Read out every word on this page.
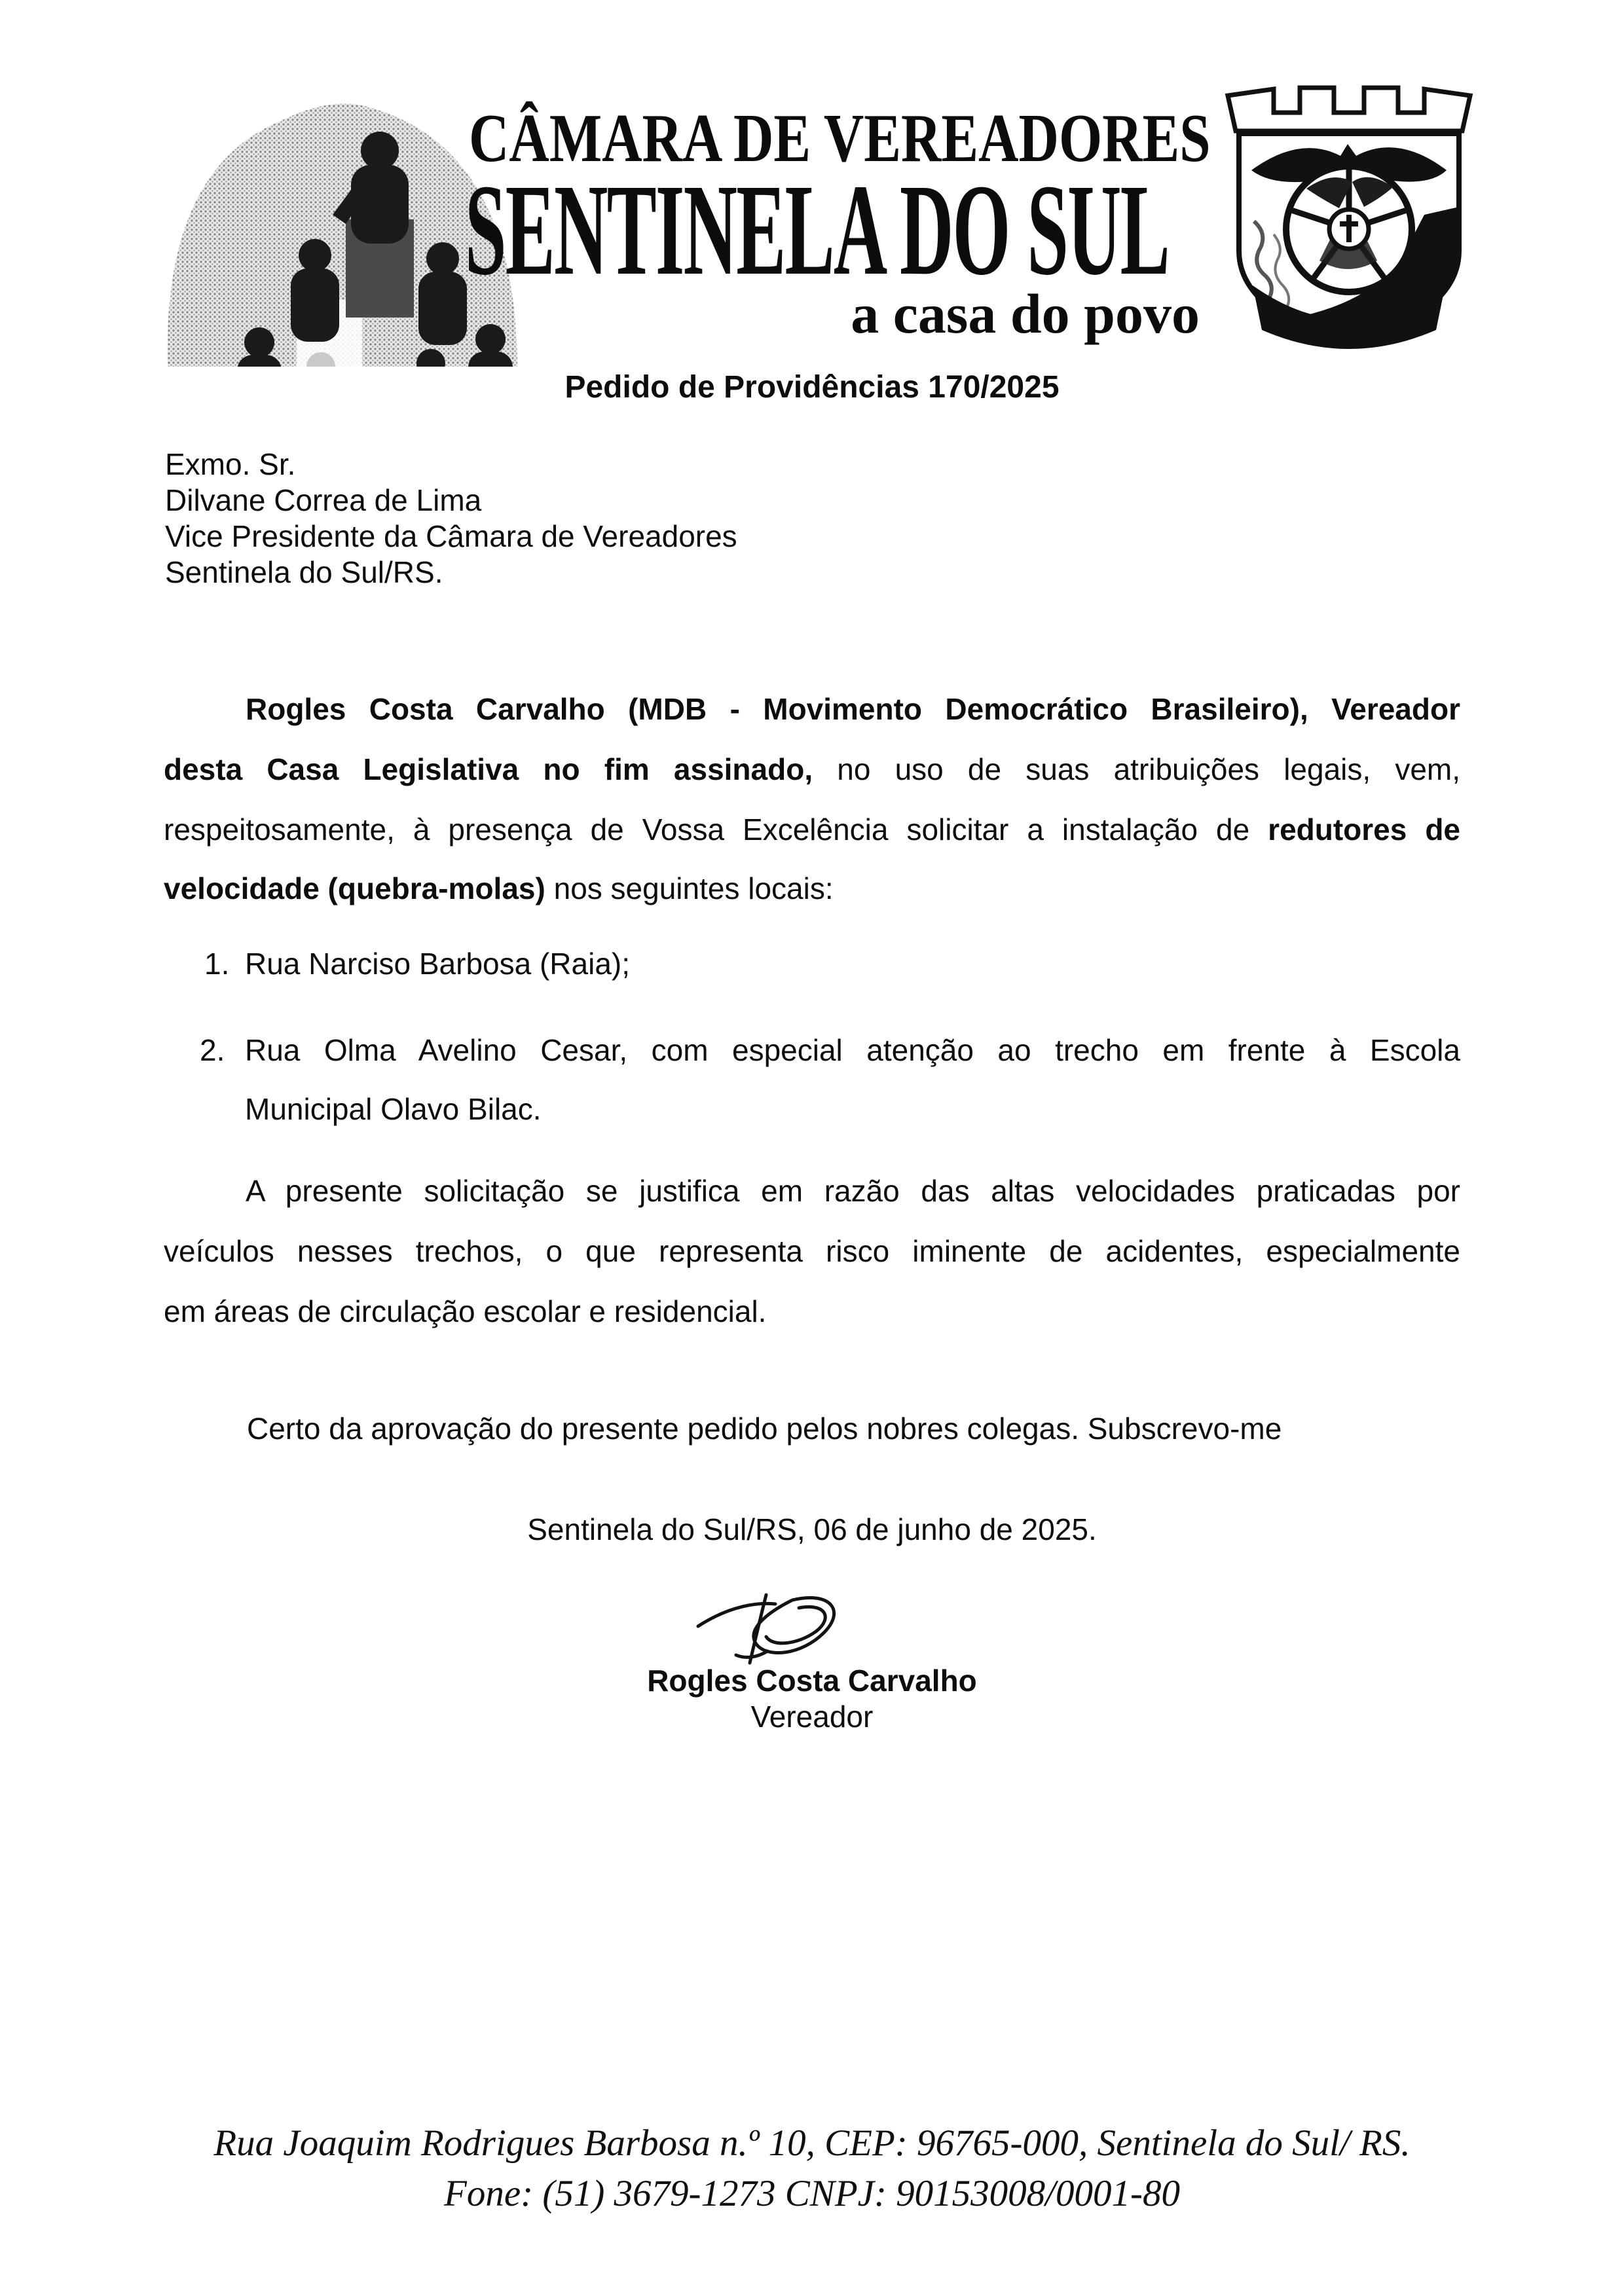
CÂMARA DE VEREADORES
SENTINELA DO SUL
a casa do povo
Pedido de Providências 170/2025
Exmo. Sr.
Dilvane Correa de Lima
Vice Presidente da Câmara de Vereadores
Sentinela do Sul/RS.
Rogles Costa Carvalho (MDB - Movimento Democrático Brasileiro), Vereador
desta Casa Legislativa no fim assinado, no uso de suas atribuições legais, vem,
respeitosamente, à presença de Vossa Excelência solicitar a instalação de redutores de
velocidade (quebra-molas) nos seguintes locais:
1. Rua Narciso Barbosa (Raia);
2. Rua Olma Avelino Cesar, com especial atenção ao trecho em frente à Escola
Municipal Olavo Bilac.
A presente solicitação se justifica em razão das altas velocidades praticadas por
veículos nesses trechos, o que representa risco iminente de acidentes, especialmente
em áreas de circulação escolar e residencial.
Certo da aprovação do presente pedido pelos nobres colegas. Subscrevo-me
Sentinela do Sul/RS, 06 de junho de 2025.
Rogles Costa Carvalho
Vereador
Rua Joaquim Rodrigues Barbosa n.º 10, CEP: 96765-000, Sentinela do Sul/ RS.
Fone: (51) 3679-1273 CNPJ: 90153008/0001-80
